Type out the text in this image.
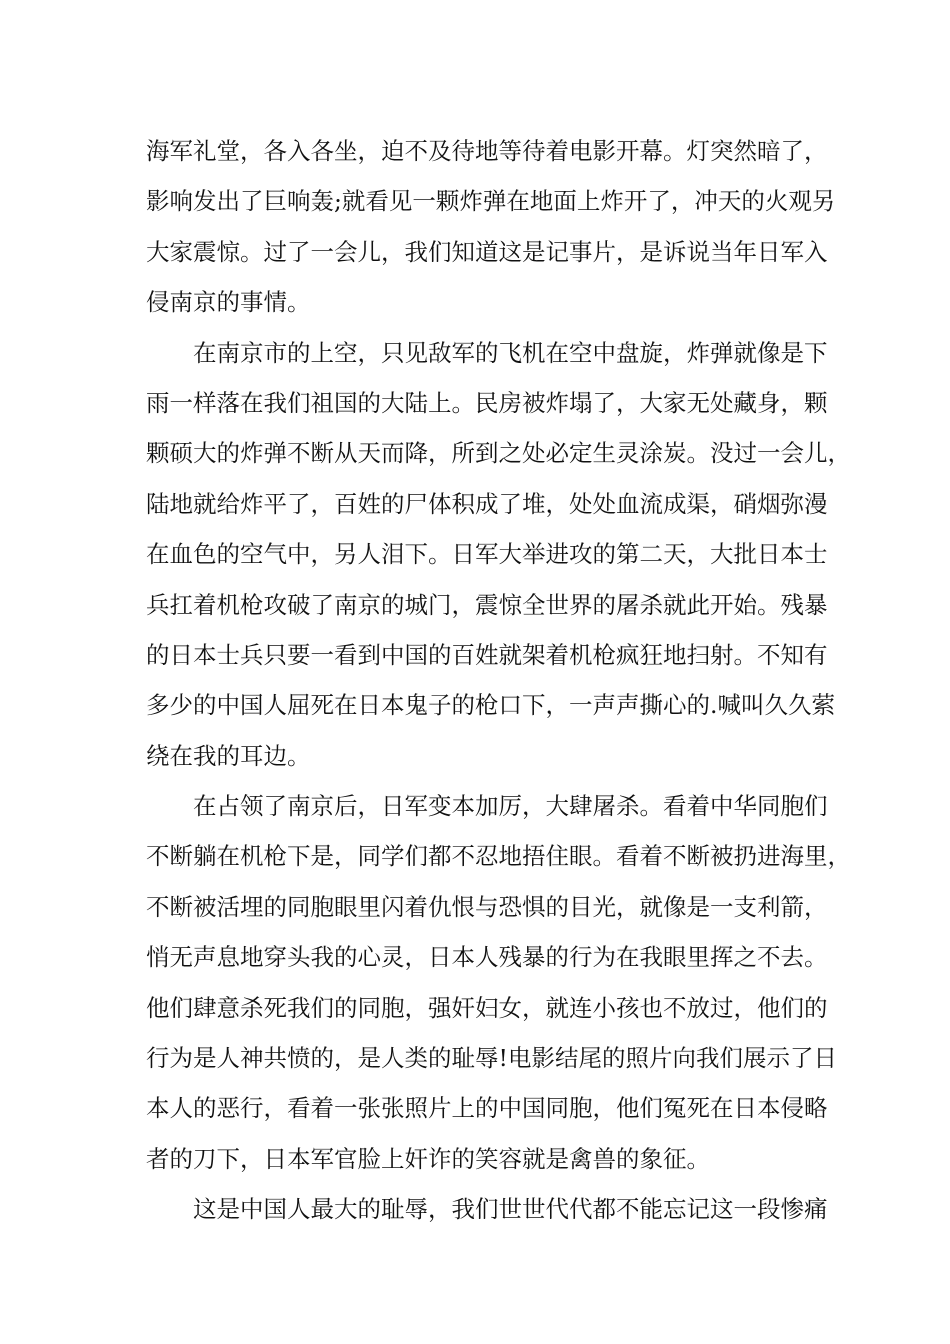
海军礼堂，各入各坐，迫不及待地等待着电影开幕。灯突然暗了，
影响发出了巨响轰;就看见一颗炸弹在地面上炸开了，冲天的火观另
大家震惊。过了一会儿，我们知道这是记事片，是诉说当年日军入
侵南京的事情。
　　在南京市的上空，只见敌军的飞机在空中盘旋，炸弹就像是下
雨一样落在我们祖国的大陆上。民房被炸塌了，大家无处藏身，颗
颗硕大的炸弹不断从天而降，所到之处必定生灵涂炭。没过一会儿，
陆地就给炸平了，百姓的尸体积成了堆，处处血流成渠，硝烟弥漫
在血色的空气中，另人泪下。日军大举进攻的第二天，大批日本士
兵扛着机枪攻破了南京的城门，震惊全世界的屠杀就此开始。残暴
的日本士兵只要一看到中国的百姓就架着机枪疯狂地扫射。不知有
多少的中国人屈死在日本鬼子的枪口下，一声声撕心的.喊叫久久萦
绕在我的耳边。
　　在占领了南京后，日军变本加厉，大肆屠杀。看着中华同胞们
不断躺在机枪下是，同学们都不忍地捂住眼。看着不断被扔进海里，
不断被活埋的同胞眼里闪着仇恨与恐惧的目光，就像是一支利箭，
悄无声息地穿头我的心灵，日本人残暴的行为在我眼里挥之不去。
他们肆意杀死我们的同胞，强奸妇女，就连小孩也不放过，他们的
行为是人神共愤的，是人类的耻辱!电影结尾的照片向我们展示了日
本人的恶行，看着一张张照片上的中国同胞，他们冤死在日本侵略
者的刀下，日本军官脸上奸诈的笑容就是禽兽的象征。
　　这是中国人最大的耻辱，我们世世代代都不能忘记这一段惨痛
